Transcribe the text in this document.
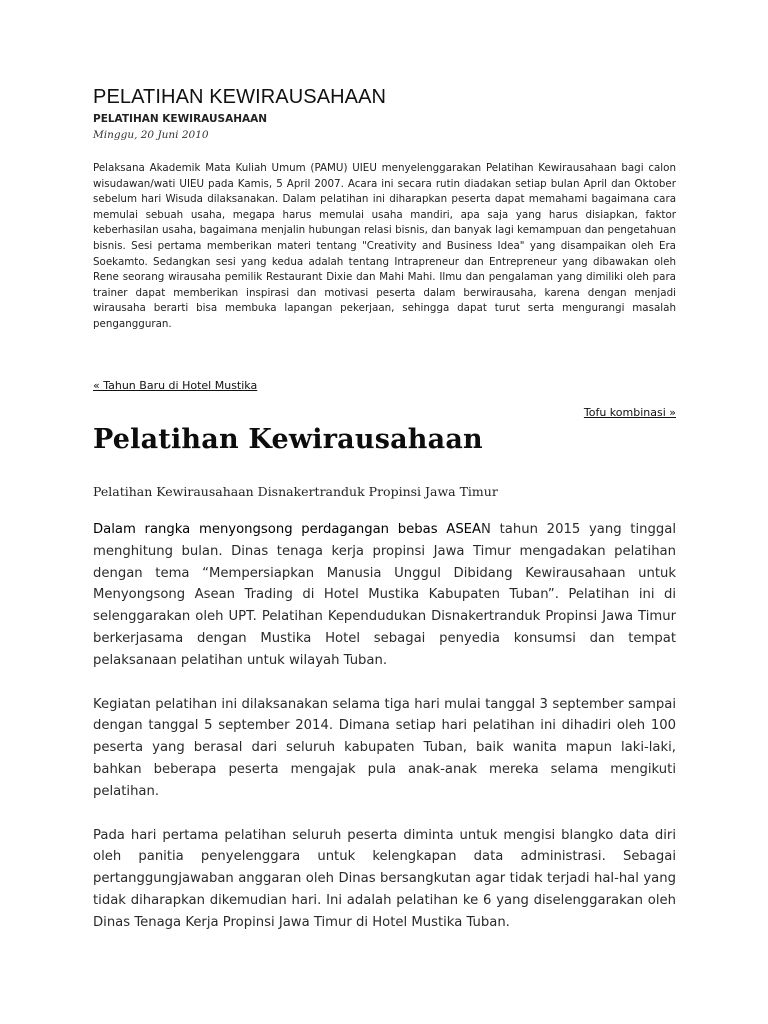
PELATIHAN KEWIRAUSAHAAN
PELATIHAN KEWIRAUSAHAAN
Minggu, 20 Juni 2010

Pelaksana Akademik Mata Kuliah Umum (PAMU) UIEU menyelenggarakan Pelatihan Kewirausahaan bagi calon wisudawan/wati UIEU pada Kamis, 5 April 2007. Acara ini secara rutin diadakan setiap bulan April dan Oktober sebelum hari Wisuda dilaksanakan. Dalam pelatihan ini diharapkan peserta dapat memahami bagaimana cara memulai sebuah usaha, megapa harus memulai usaha mandiri, apa saja yang harus disiapkan, faktor keberhasilan usaha, bagaimana menjalin hubungan relasi bisnis, dan banyak lagi kemampuan dan pengetahuan bisnis. Sesi pertama memberikan materi tentang "Creativity and Business Idea" yang disampaikan oleh Era Soekamto. Sedangkan sesi yang kedua adalah tentang Intrapreneur dan Entrepreneur yang dibawakan oleh Rene seorang wirausaha pemilik Restaurant Dixie dan Mahi Mahi. Ilmu dan pengalaman yang dimiliki oleh para trainer dapat memberikan inspirasi dan motivasi peserta dalam berwirausaha, karena dengan menjadi wirausaha berarti bisa membuka lapangan pekerjaan, sehingga dapat turut serta mengurangi masalah pengangguran.

« Tahun Baru di Hotel Mustika
Tofu kombinasi »
Pelatihan Kewirausahaan
Pelatihan Kewirausahaan Disnakertranduk Propinsi Jawa Timur

Dalam rangka menyongsong perdagangan bebas ASEAN tahun 2015 yang tinggal menghitung bulan. Dinas tenaga kerja propinsi Jawa Timur mengadakan pelatihan dengan tema “Mempersiapkan Manusia Unggul Dibidang Kewirausahaan untuk Menyongsong Asean Trading di Hotel Mustika Kabupaten Tuban”. Pelatihan ini di selenggarakan oleh UPT. Pelatihan Kependudukan Disnakertranduk Propinsi Jawa Timur berkerjasama dengan Mustika Hotel sebagai penyedia konsumsi dan tempat pelaksanaan pelatihan untuk wilayah Tuban.

Kegiatan pelatihan ini dilaksanakan selama tiga hari mulai tanggal 3 september sampai dengan tanggal 5 september 2014. Dimana setiap hari pelatihan ini dihadiri oleh 100 peserta yang berasal dari seluruh kabupaten Tuban, baik wanita mapun laki-laki, bahkan beberapa peserta mengajak pula anak-anak mereka selama mengikuti pelatihan.

Pada hari pertama pelatihan seluruh peserta diminta untuk mengisi blangko data diri oleh panitia penyelenggara untuk kelengkapan data administrasi. Sebagai pertanggungjawaban anggaran oleh Dinas bersangkutan agar tidak terjadi hal-hal yang tidak diharapkan dikemudian hari. Ini adalah pelatihan ke 6 yang diselenggarakan oleh Dinas Tenaga Kerja Propinsi Jawa Timur di Hotel Mustika Tuban.
